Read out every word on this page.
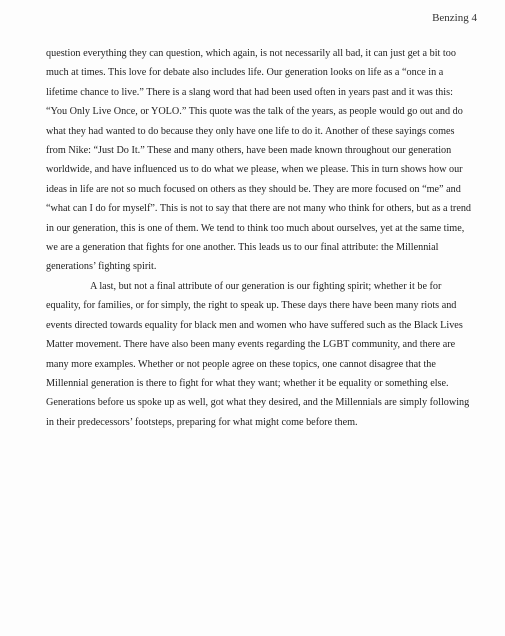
Benzing 4

question everything they can question, which again, is not necessarily all bad, it can just get a bit too much at times. This love for debate also includes life. Our generation looks on life as a “once in a lifetime chance to live.” There is a slang word that had been used often in years past and it was this: “You Only Live Once, or YOLO.” This quote was the talk of the years, as people would go out and do what they had wanted to do because they only have one life to do it. Another of these sayings comes from Nike: “Just Do It.” These and many others, have been made known throughout our generation worldwide, and have influenced us to do what we please, when we please. This in turn shows how our ideas in life are not so much focused on others as they should be. They are more focused on “me” and “what can I do for myself”. This is not to say that there are not many who think for others, but as a trend in our generation, this is one of them. We tend to think too much about ourselves, yet at the same time, we are a generation that fights for one another. This leads us to our final attribute: the Millennial generations’ fighting spirit.

A last, but not a final attribute of our generation is our fighting spirit; whether it be for equality, for families, or for simply, the right to speak up. These days there have been many riots and events directed towards equality for black men and women who have suffered such as the Black Lives Matter movement. There have also been many events regarding the LGBT community, and there are many more examples. Whether or not people agree on these topics, one cannot disagree that the Millennial generation is there to fight for what they want; whether it be equality or something else. Generations before us spoke up as well, got what they desired, and the Millennials are simply following in their predecessors’ footsteps, preparing for what might come before them.
